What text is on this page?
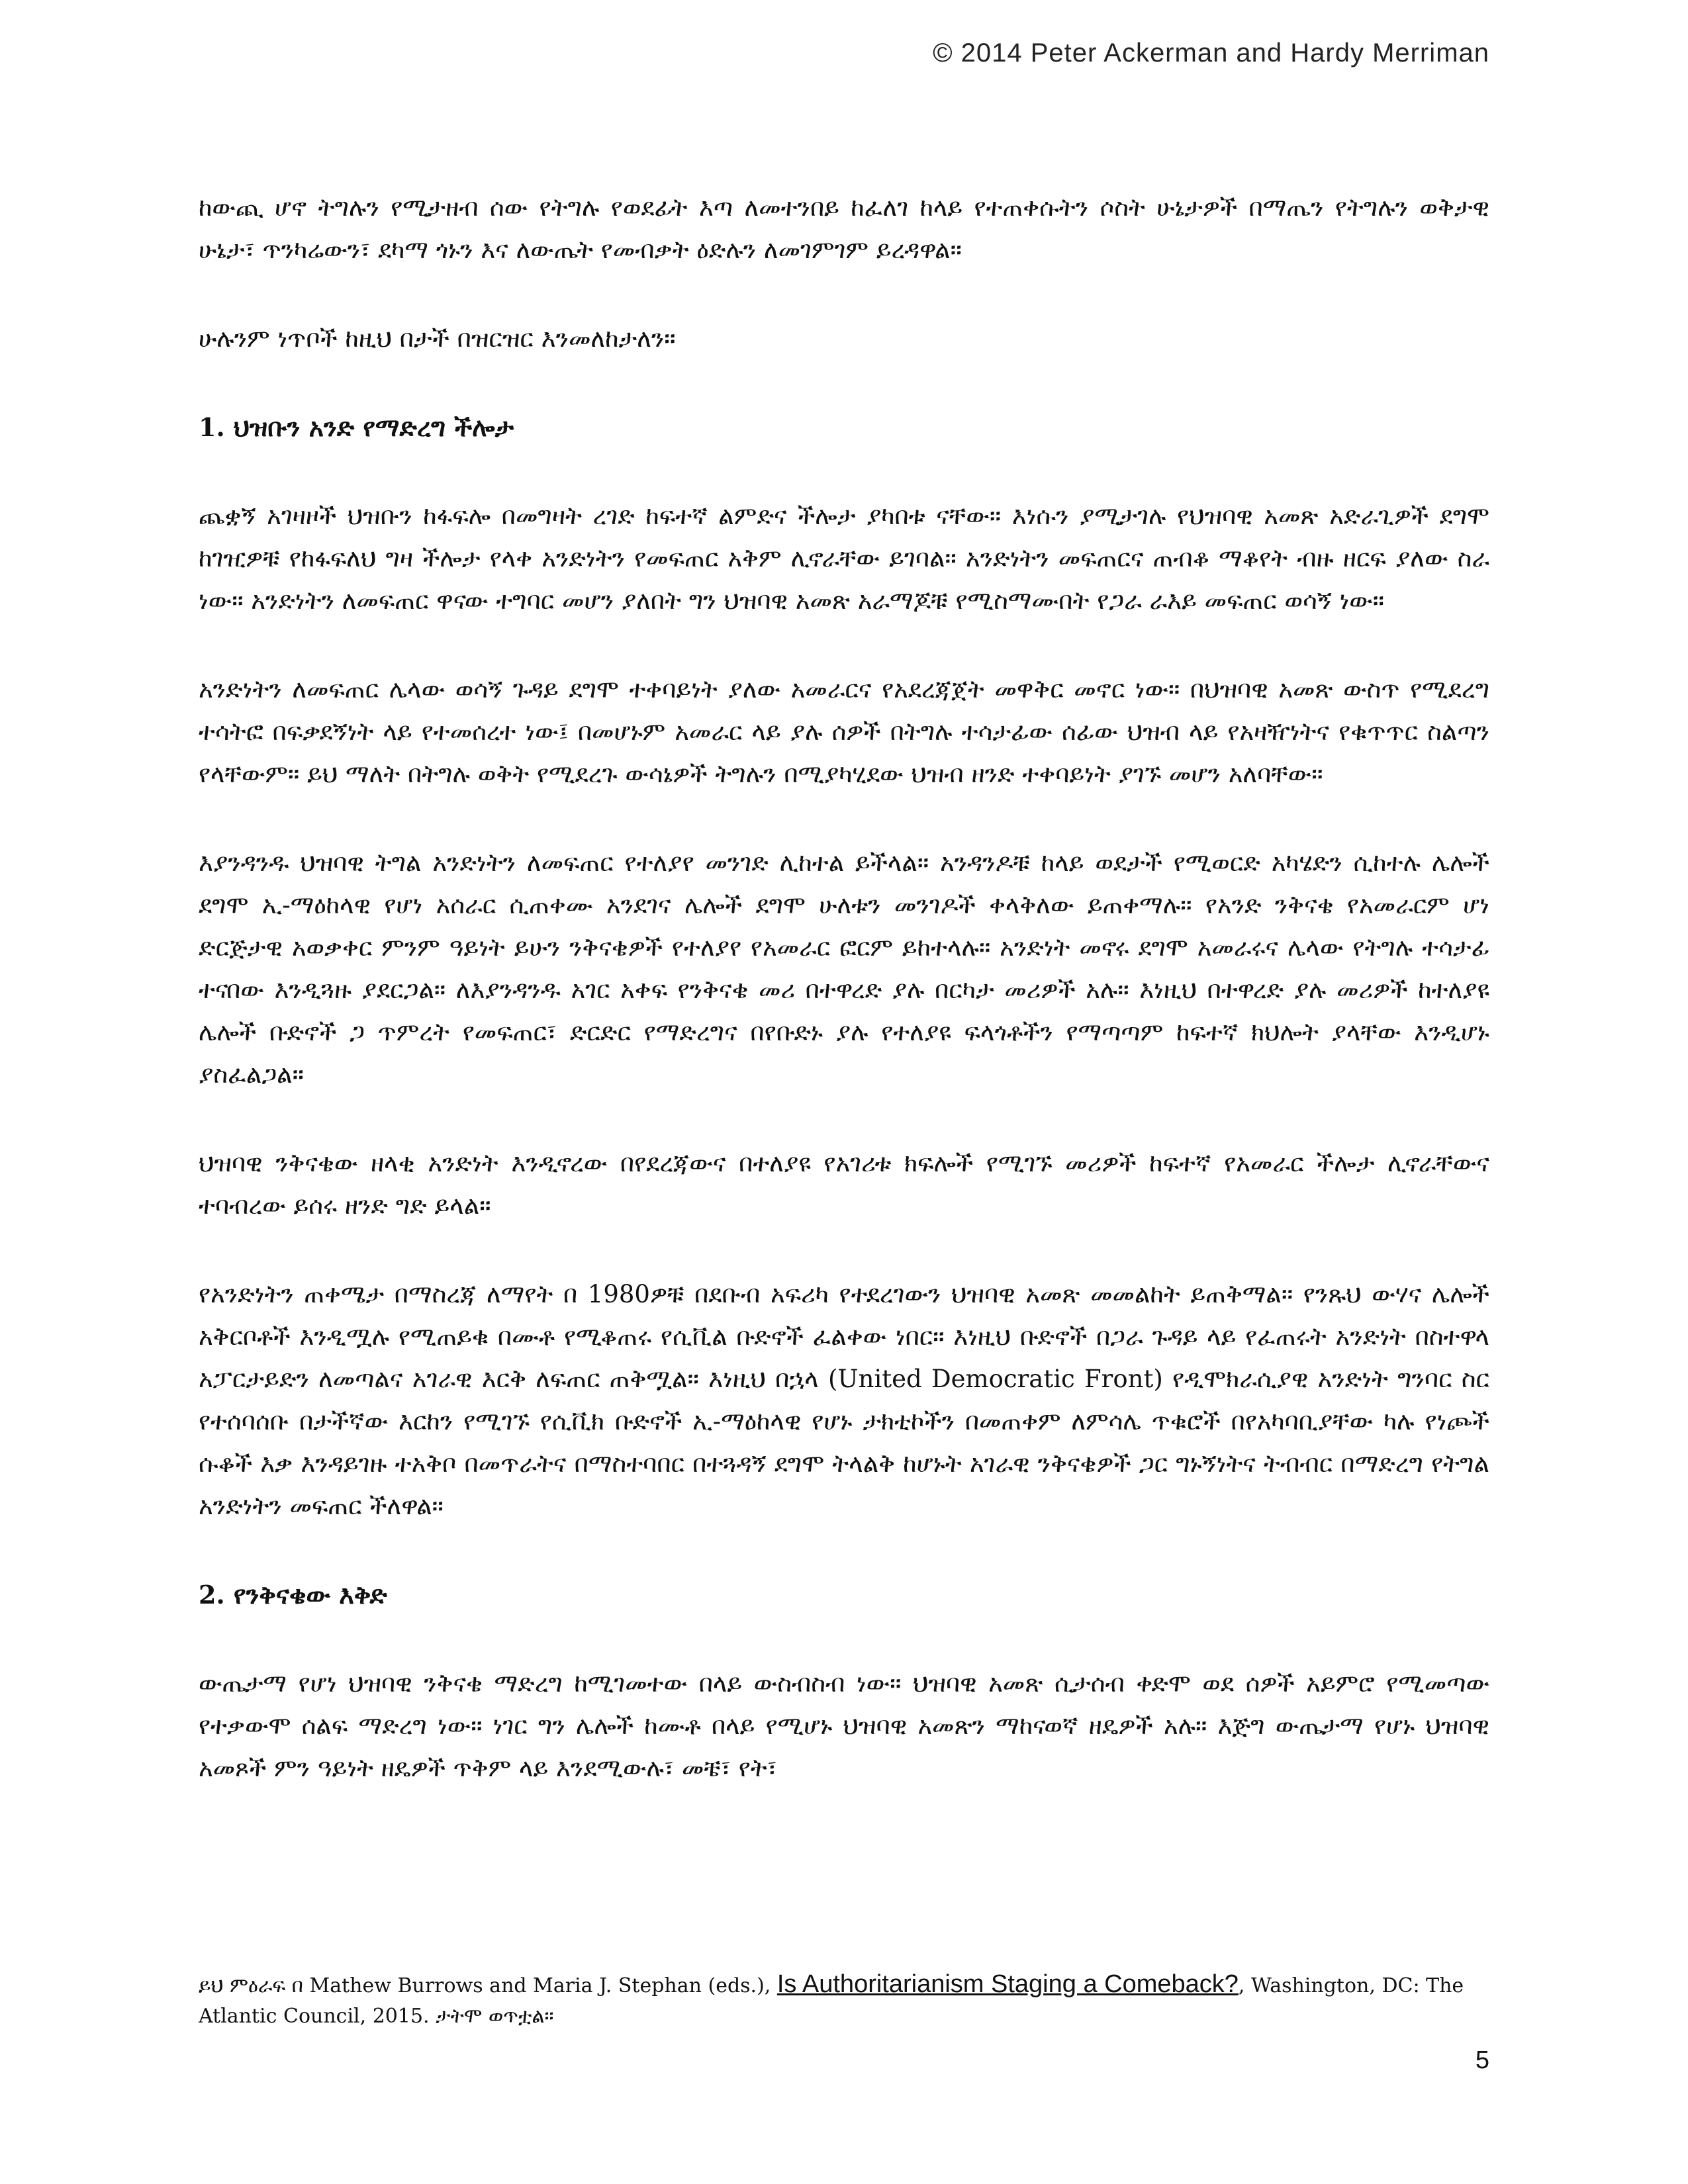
© 2014 Peter Ackerman and Hardy Merriman

ከውጪ ሆኖ ትግሉን የሚታዘብ ሰው የትግሉ የወደፊት እጣ ለመተንበይ ከፈለገ ከላይ የተጠቀሱትን ሶስት ሁኔታዎች በማጤን የትግሉን ወቅታዊ ሁኔታ፣ ጥንካሬውን፣ ደካማ ጎኑን እና ለውጤት የመብቃት ዕድሉን ለመገምገም ይረዳዋል።

ሁሉንም ነጥቦች ከዚህ በታች በዝርዝር እንመለከታለን።

1. ህዝቡን አንድ የማድረግ ችሎታ

ጨቋኝ አገዛዞች ህዝቡን ከፋፍሎ በመግዛት ረገድ ከፍተኛ ልምድና ችሎታ ያካበቱ ናቸው። እነሱን ያሚታገሉ የህዝባዊ አመጽ አድራጊዎች ደግሞ ከገዢዎቹ የከፋፍለህ ግዛ ችሎታ የላቀ አንድነትን የመፍጠር አቅም ሊኖራቸው ይገባል። አንድነትን መፍጠርና ጠብቆ ማቆየት ብዙ ዘርፍ ያለው ስራ ነው። አንድነትን ለመፍጠር ዋናው ተግባር መሆን ያለበት ግን ህዝባዊ አመጽ አራማጆቹ የሚስማሙበት የጋራ ራእይ መፍጠር ወሳኝ ነው።

አንድነትን ለመፍጠር ሌላው ወሳኝ ጉዳይ ደግሞ ተቀባይነት ያለው አመራርና የአደረጃጀት መዋቅር መኖር ነው። በህዝባዊ አመጽ ውስጥ የሚደረግ ተሳትፎ በፍቃደኝነት ላይ የተመሰረተ ነው፤ በመሆኑም አመራር ላይ ያሉ ሰዎች በትግሉ ተሳታፊው ሰፊው ህዝብ ላይ የአዛዥነትና የቁጥጥር ስልጣን የላቸውም። ይህ ማለት በትግሉ ወቅት የሚደረጉ ውሳኔዎች ትግሉን በሚያካሂደው ህዝብ ዘንድ ተቀባይነት ያገኙ መሆን አለባቸው።

እያንዳንዱ ህዝባዊ ትግል አንድነትን ለመፍጠር የተለያየ መንገድ ሊከተል ይችላል። አንዳንዶቹ ከላይ ወደታች የሚወርድ አካሄድን ሲከተሉ ሌሎች ደግሞ ኢ-ማዕከላዊ የሆነ አሰራር ሲጠቀሙ አንደገና ሌሎች ደግሞ ሁለቱን መንገዶች ቀላቅለው ይጠቀማሉ። የአንድ ንቅናቄ የአመራርም ሆነ ድርጅታዊ አወቃቀር ምንም ዓይነት ይሁን ንቅናቄዎች የተለያየ የአመራር ፎርም ይከተላሉ። አንድነት መኖሩ ደግሞ አመራሩና ሌላው የትግሉ ተሳታፊ ተናበው እንዲጓዙ ያደርጋል። ለእያንዳንዱ አገር አቀፍ የንቅናቄ መሪ በተዋረድ ያሉ በርካታ መሪዎች አሉ። እነዚህ በተዋረድ ያሉ መሪዎች ከተለያዩ ሌሎች ቡድኖች ጋ ጥምረት የመፍጠር፣ ድርድር የማድረግና በየቡድኑ ያሉ የተለያዩ ፍላጎቶችን የማጣጣም ከፍተኛ ክህሎት ያላቸው እንዲሆኑ ያስፈልጋል።

ህዝባዊ ንቅናቄው ዘላቂ አንድነት እንዲኖረው በየደረጃውና በተለያዩ የአገሪቱ ክፍሎች የሚገኙ መሪዎች ከፍተኛ የአመራር ችሎታ ሊኖራቸውና ተባብረው ይሰሩ ዘንድ ግድ ይላል።

የአንድነትን ጠቀሜታ በማስረጃ ለማየት በ 1980ዎቹ በደቡብ አፍሪካ የተደረገውን ህዝባዊ አመጽ መመልከት ይጠቅማል። የንጹህ ውሃና ሌሎች አቅርቦቶች እንዲሟሉ የሚጠይቁ በሙቶ የሚቆጠሩ የሲቪል ቡድኖች ፈልቀው ነበር። እነዚህ ቡድኖች በጋራ ጉዳይ ላይ የፈጠሩት አንድነት በስተዋላ አፓርታይድን ለመጣልና አገራዊ እርቅ ለፍጠር ጠቅሟል። እነዚህ በኋላ (United Democratic Front) የዲሞክራሲያዊ አንድነት ግንባር ስር የተሰባሰቡ በታችኛው እርከን የሚገኙ የሲቪክ ቡድኖች ኢ-ማዕከላዊ የሆኑ ታክቲኮችን በመጠቀም ለምሳሌ ጥቁሮች በየአካባቢያቸው ካሉ የነጮች ሱቆች እቃ እንዳይገዙ ተአቅቦ በመጥራትና በማስተባበር በተጓዳኝ ደግሞ ትላልቅ ከሆኑት አገራዊ ንቅናቄዎች ጋር ግኑኝነትና ትብብር በማድረግ የትግል አንድነትን መፍጠር ችለዋል።

2. የንቅናቄው እቅድ

ውጤታማ የሆነ ህዝባዊ ንቅናቄ ማድረግ ከሚገመተው በላይ ውስብስብ ነው። ህዝባዊ አመጽ ሲታሰብ ቀድሞ ወደ ሰዎች አይምሮ የሚመጣው የተቃውሞ ሰልፍ ማድረግ ነው። ነገር ግን ሌሎች ከሙቶ በላይ የሚሆኑ ህዝባዊ አመጽን ማከናወኛ ዘዴዎች አሉ። እጅግ ውጤታማ የሆኑ ህዝባዊ አመጾች ምን ዓይነት ዘዴዎች ጥቅም ላይ እንደሚውሉ፣ መቼ፣ የት፣

ይህ ምዕራፍ በ Mathew Burrows and Maria J. Stephan (eds.), Is Authoritarianism Staging a Comeback?, Washington, DC: The Atlantic Council, 2015. ታትሞ ወጥቷል።
5
